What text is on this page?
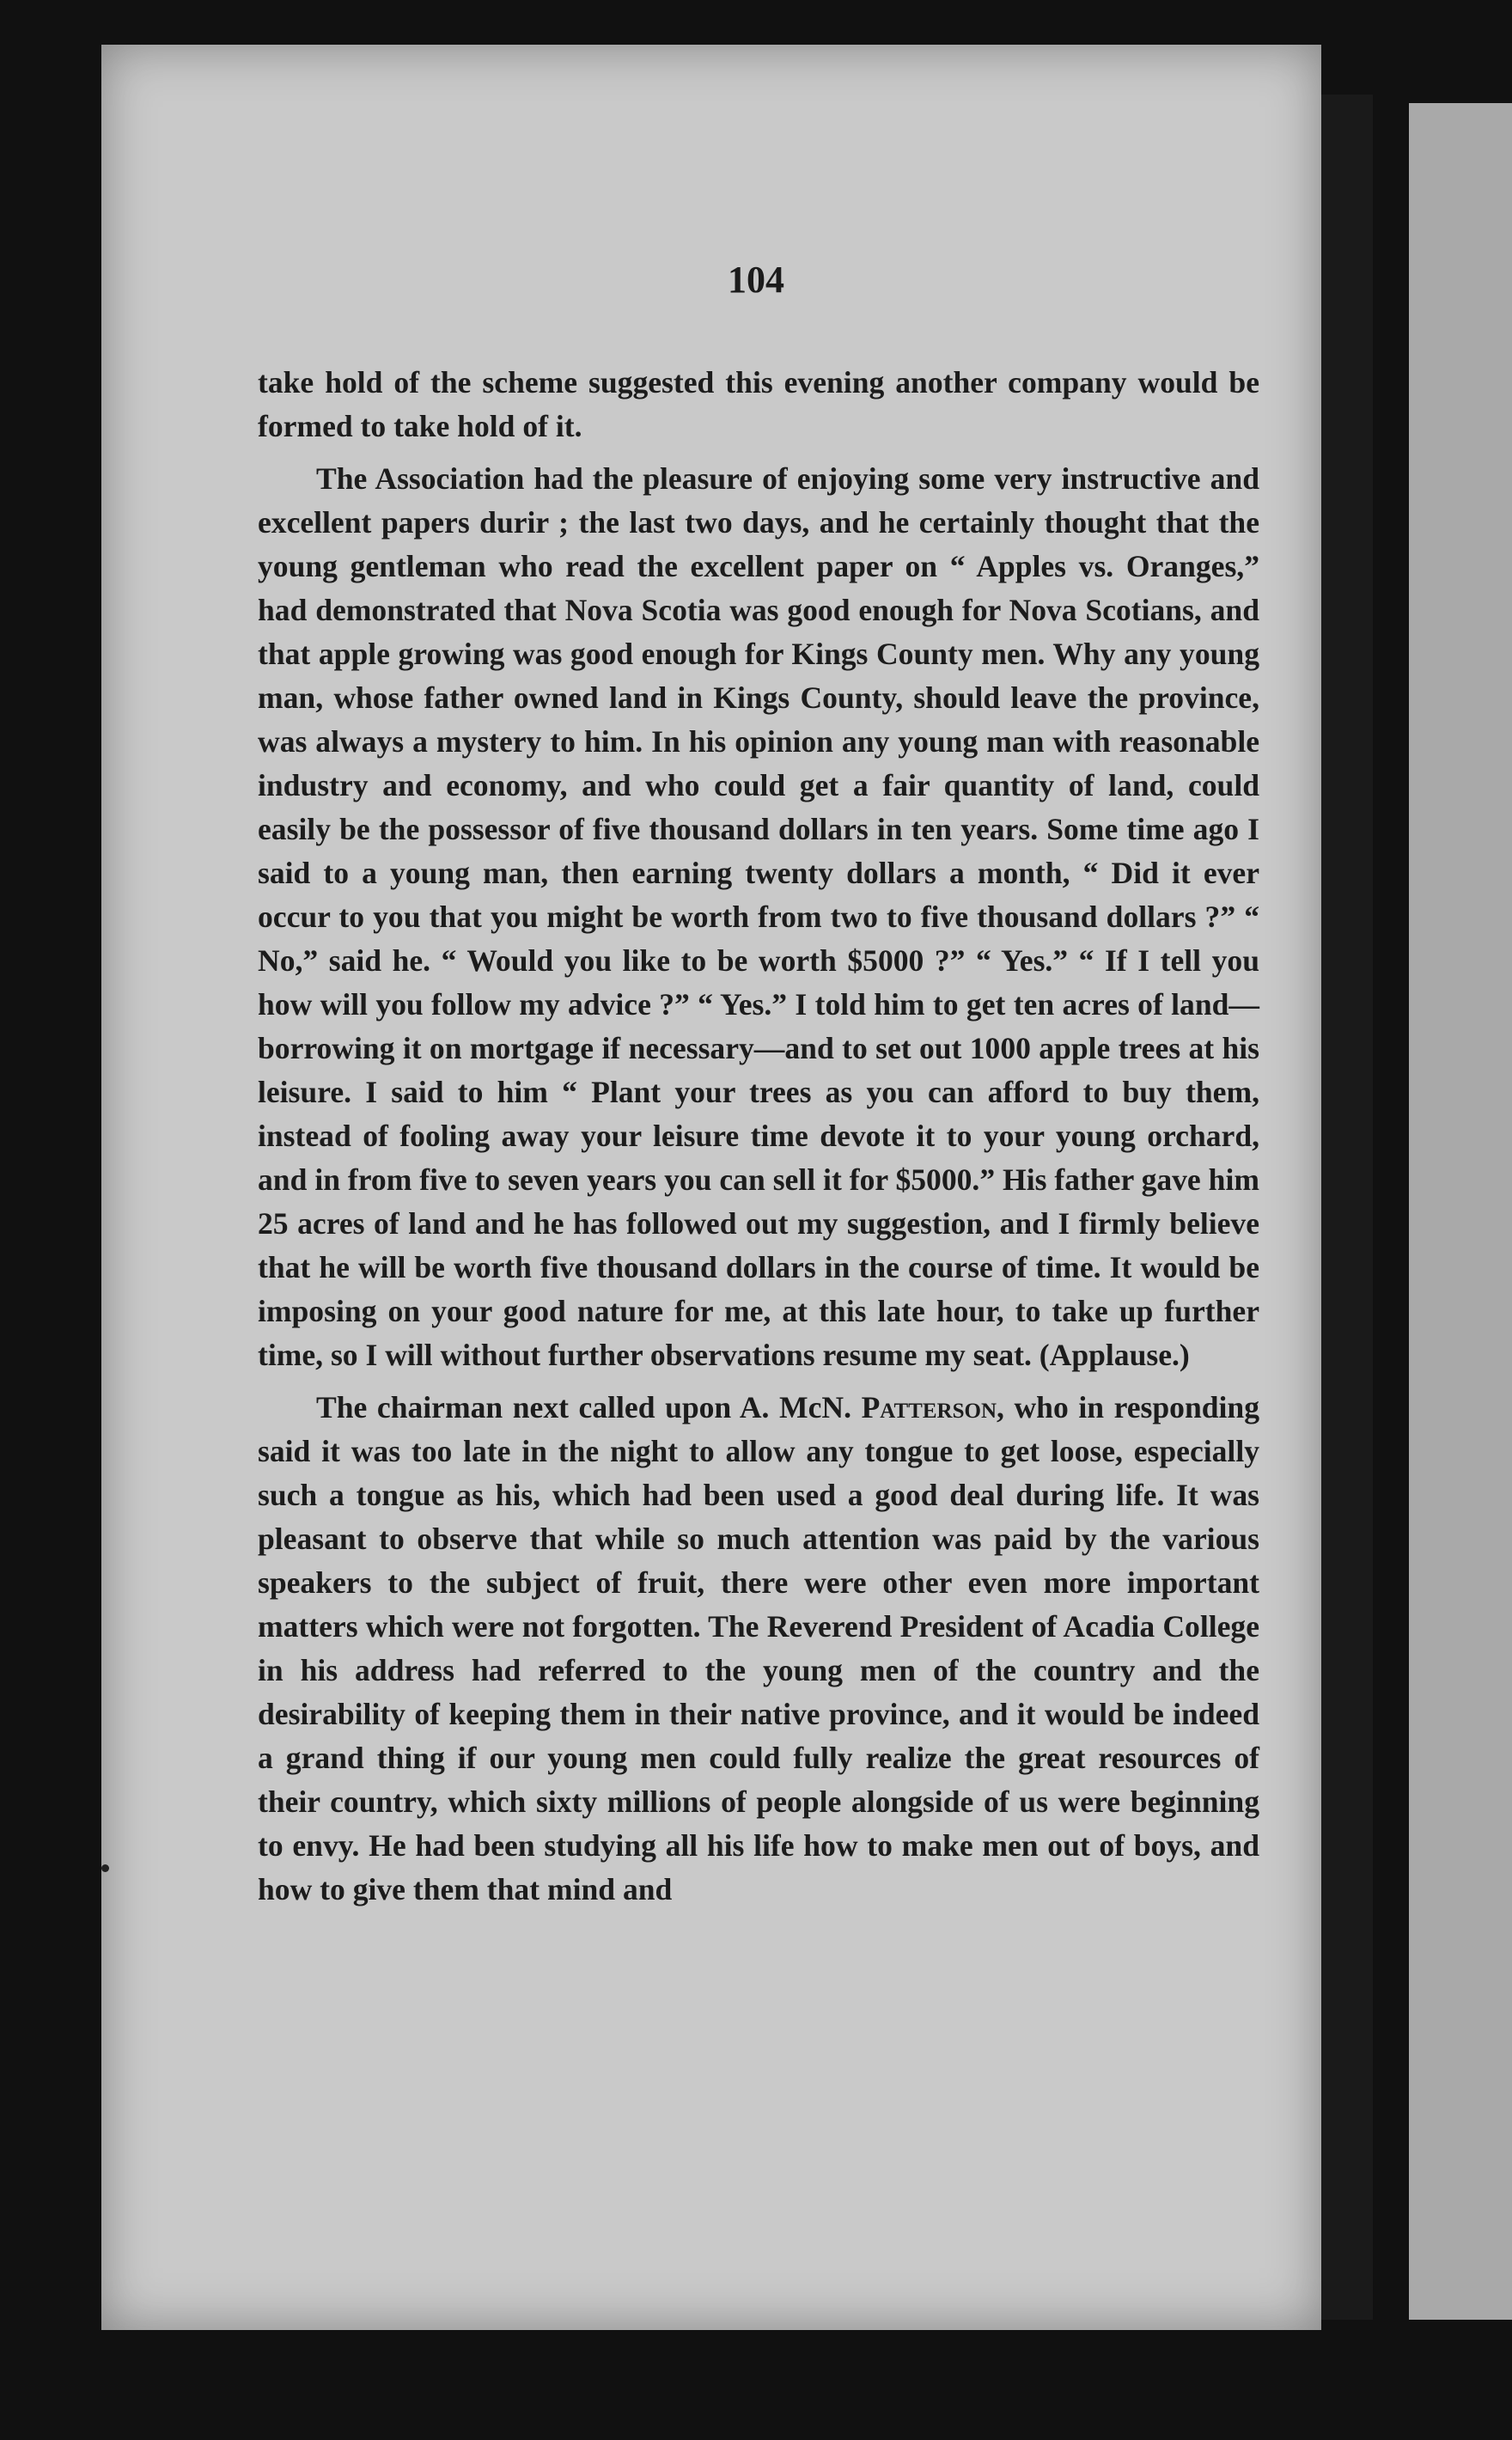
104

take hold of the scheme suggested this evening another company would be formed to take hold of it.

The Association had the pleasure of enjoying some very instructive and excellent papers durir ; the last two days, and he certainly thought that the young gentleman who read the excellent paper on “ Apples vs. Oranges,” had demonstrated that Nova Scotia was good enough for Nova Scotians, and that apple growing was good enough for Kings County men. Why any young man, whose father owned land in Kings County, should leave the province, was always a mystery to him. In his opinion any young man with reasonable industry and economy, and who could get a fair quantity of land, could easily be the possessor of five thousand dollars in ten years. Some time ago I said to a young man, then earning twenty dollars a month, “ Did it ever occur to you that you might be worth from two to five thousand dollars ?” “ No,” said he. “ Would you like to be worth $5000 ?” “ Yes.” “ If I tell you how will you follow my advice ?” “ Yes.” I told him to get ten acres of land—borrowing it on mortgage if necessary—and to set out 1000 apple trees at his leisure. I said to him “ Plant your trees as you can afford to buy them, instead of fooling away your leisure time devote it to your young orchard, and in from five to seven years you can sell it for $5000.” His father gave him 25 acres of land and he has followed out my suggestion, and I firmly believe that he will be worth five thousand dollars in the course of time. It would be imposing on your good nature for me, at this late hour, to take up further time, so I will without further observations resume my seat. (Applause.)

The chairman next called upon A. McN. Patterson, who in responding said it was too late in the night to allow any tongue to get loose, especially such a tongue as his, which had been used a good deal during life. It was pleasant to observe that while so much attention was paid by the various speakers to the subject of fruit, there were other even more important matters which were not forgotten. The Reverend President of Acadia College in his address had referred to the young men of the country and the desirability of keeping them in their native province, and it would be indeed a grand thing if our young men could fully realize the great resources of their country, which sixty millions of people alongside of us were beginning to envy. He had been studying all his life how to make men out of boys, and how to give them that mind and
